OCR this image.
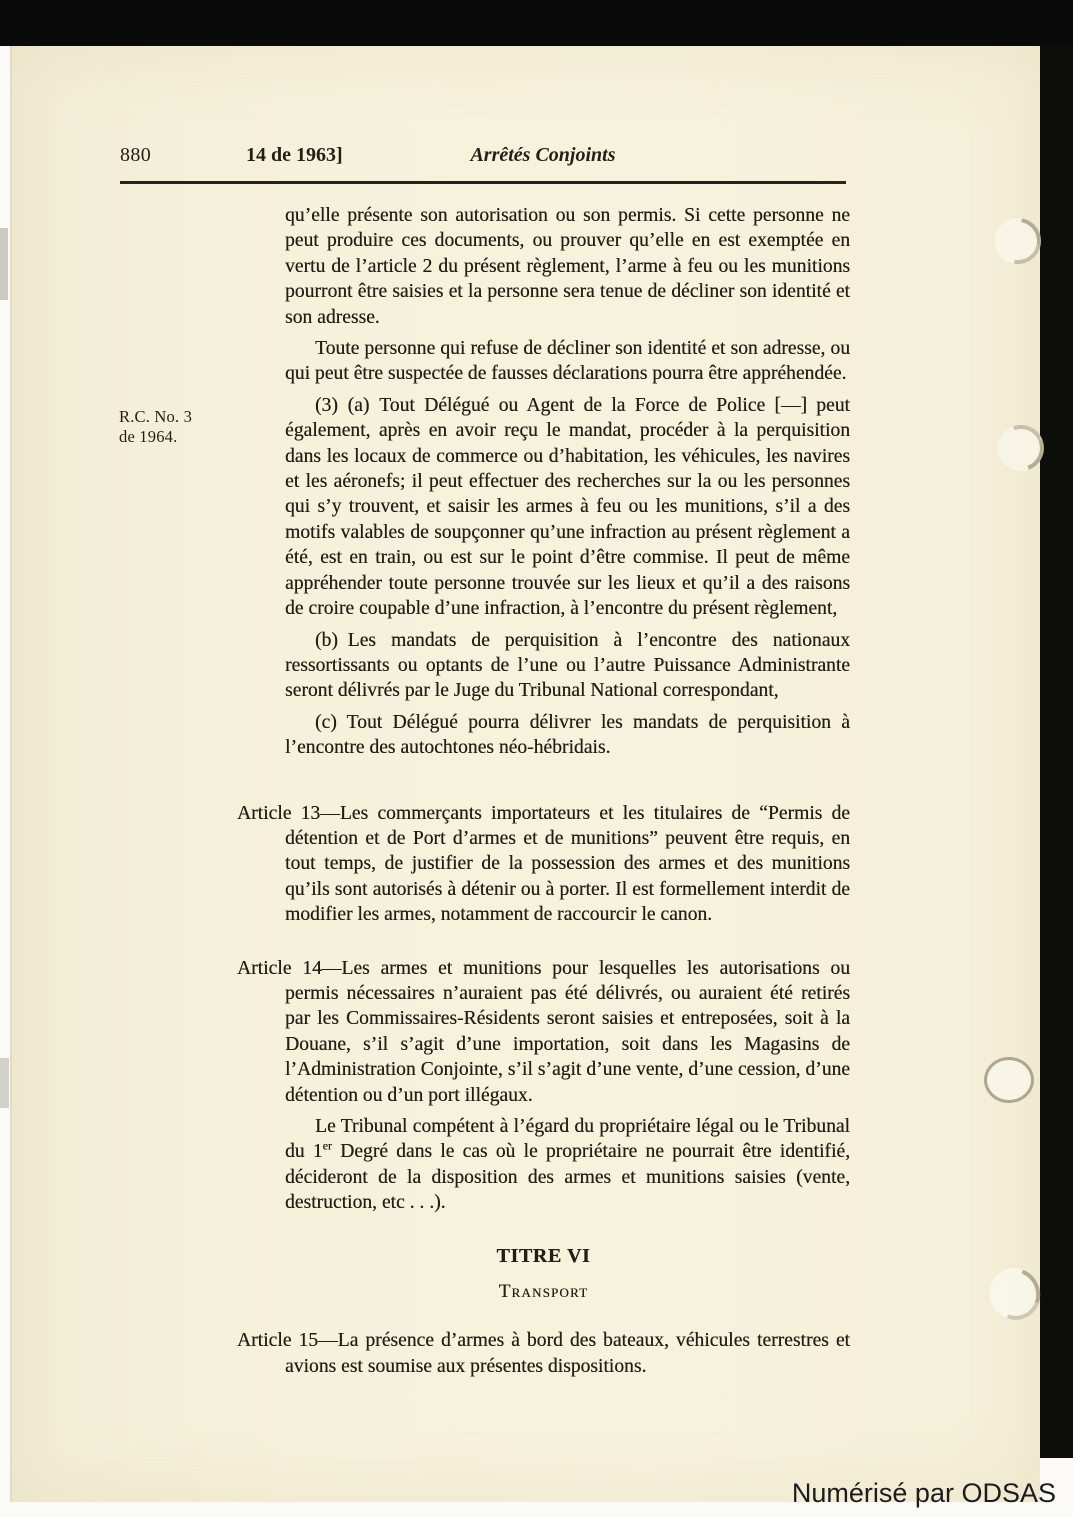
880	14 de 1963]	Arrêtés Conjoints
R.C. No. 3
de 1964.

qu’elle présente son autorisation ou son permis. Si cette personne ne peut produire ces documents, ou prouver qu’elle en est exemptée en vertu de l’article 2 du présent règlement, l’arme à feu ou les munitions pourront être saisies et la personne sera tenue de décliner son identité et son adresse.

Toute personne qui refuse de décliner son identité et son adresse, ou qui peut être suspectée de fausses déclarations pourra être appréhendée.

(3) (a) Tout Délégué ou Agent de la Force de Police [—] peut également, après en avoir reçu le mandat, procéder à la perquisition dans les locaux de commerce ou d’habitation, les véhicules, les navires et les aéronefs; il peut effectuer des recherches sur la ou les personnes qui s’y trouvent, et saisir les armes à feu ou les munitions, s’il a des motifs valables de soupçonner qu’une infraction au présent règlement a été, est en train, ou est sur le point d’être commise. Il peut de même appréhender toute personne trouvée sur les lieux et qu’il a des raisons de croire coupable d’une infraction, à l’encontre du présent règlement,

(b) Les mandats de perquisition à l’encontre des nationaux ressortissants ou optants de l’une ou l’autre Puissance Administrante seront délivrés par le Juge du Tribunal National correspondant,

(c) Tout Délégué pourra délivrer les mandats de perquisition à l’encontre des autochtones néo-hébridais.

Article 13—Les commerçants importateurs et les titulaires de “Permis de détention et de Port d’armes et de munitions” peuvent être requis, en tout temps, de justifier de la possession des armes et des munitions qu’ils sont autorisés à détenir ou à porter. Il est formellement interdit de modifier les armes, notamment de raccourcir le canon.

Article 14—Les armes et munitions pour lesquelles les autorisations ou permis nécessaires n’auraient pas été délivrés, ou auraient été retirés par les Commissaires-Résidents seront saisies et entreposées, soit à la Douane, s’il s’agit d’une importation, soit dans les Magasins de l’Administration Conjointe, s’il s’agit d’une vente, d’une cession, d’une détention ou d’un port illégaux.

Le Tribunal compétent à l’égard du propriétaire légal ou le Tribunal du 1er Degré dans le cas où le propriétaire ne pourrait être identifié, décideront de la disposition des armes et munitions saisies (vente, destruction, etc . . .).

TITRE VI

Transport

Article 15—La présence d’armes à bord des bateaux, véhicules terrestres et avions est soumise aux présentes dispositions.

Numérisé par ODSAS
